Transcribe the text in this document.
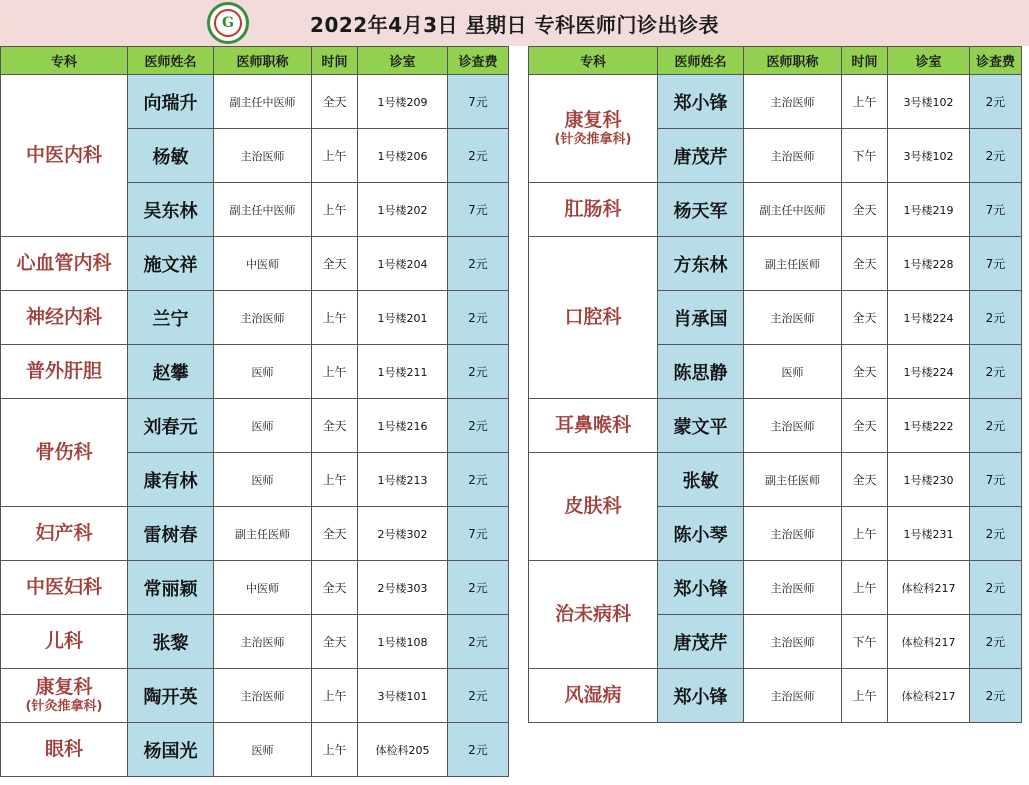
G	2022年4月3日 星期日 专科医师门诊出诊表
专科	医师姓名	医师职称	时间	诊室	诊查费
中医内科	向瑞升	副主任中医师	全天	1号楼209	7元
	杨敏	主治医师	上午	1号楼206	2元
	吴东林	副主任中医师	上午	1号楼202	7元
心血管内科	施文祥	中医师	全天	1号楼204	2元
神经内科	兰宁	主治医师	上午	1号楼201	2元
普外肝胆	赵攀	医师	上午	1号楼211	2元
骨伤科	刘春元	医师	全天	1号楼216	2元
	康有林	医师	上午	1号楼213	2元
妇产科	雷树春	副主任医师	全天	2号楼302	7元
中医妇科	常丽颖	中医师	全天	2号楼303	2元
儿科	张黎	主治医师	全天	1号楼108	2元
康复科
(针灸推拿科)	陶开英	主治医师	上午	3号楼101	2元
眼科	杨国光	医师	上午	体检科205	2元
专科	医师姓名	医师职称	时间	诊室	诊查费
康复科
(针灸推拿科)	郑小锋	主治医师	上午	3号楼102	2元
	唐茂芹	主治医师	下午	3号楼102	2元
肛肠科	杨天军	副主任中医师	全天	1号楼219	7元
口腔科	方东林	副主任医师	全天	1号楼228	7元
	肖承国	主治医师	全天	1号楼224	2元
	陈思静	医师	全天	1号楼224	2元
耳鼻喉科	蒙文平	主治医师	全天	1号楼222	2元
皮肤科	张敏	副主任医师	全天	1号楼230	7元
	陈小琴	主治医师	上午	1号楼231	2元
治未病科	郑小锋	主治医师	上午	体检科217	2元
	唐茂芹	主治医师	下午	体检科217	2元
风湿病	郑小锋	主治医师	上午	体检科217	2元
